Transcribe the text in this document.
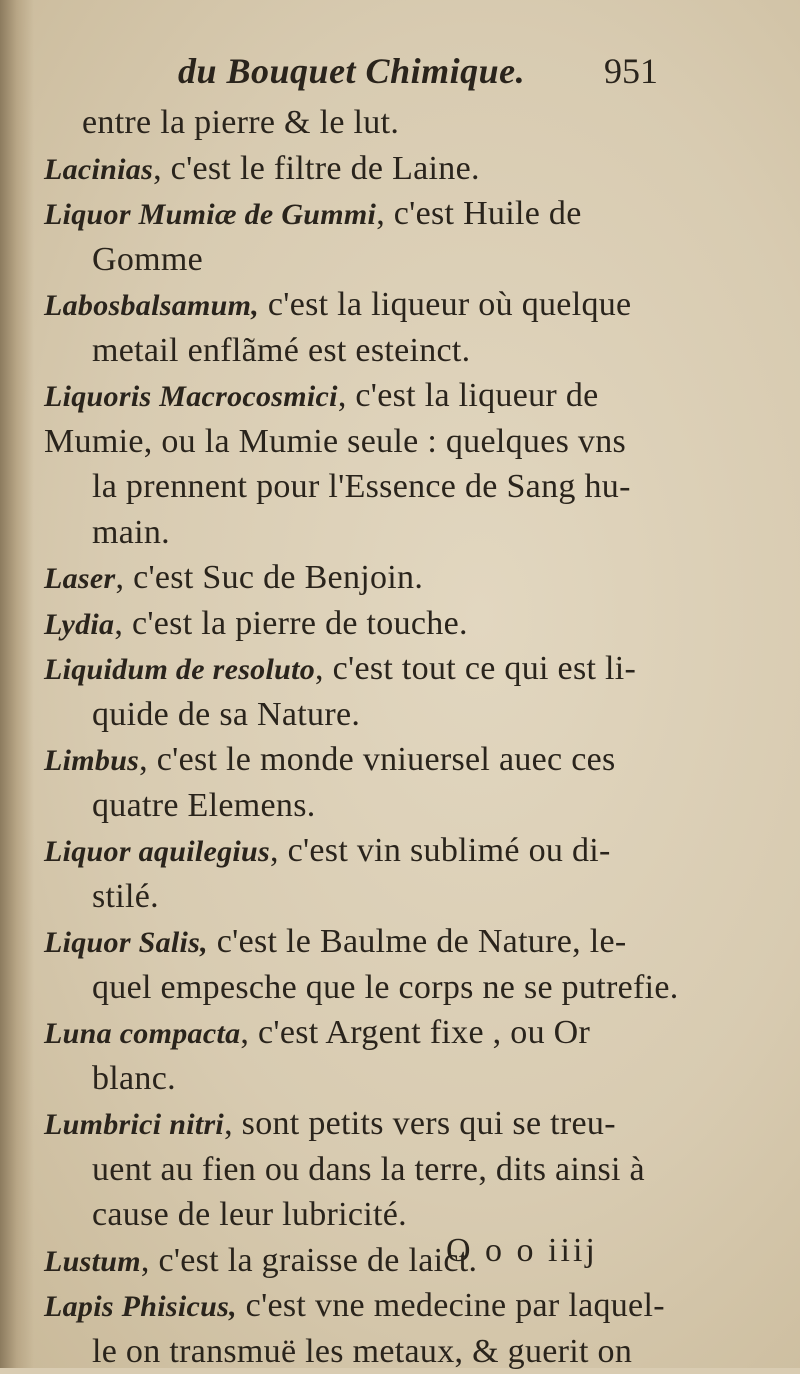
du Bouquet Chimique. 951
entre la pierre & le lut.
Lacinias, c'est le filtre de Laine.
Liquor Mumiæ de Gummi, c'est Huile de
Gomme
Labosbalsamum, c'est la liqueur où quelque
metail enflãmé est esteinct.
Liquoris Macrocosmici, c'est la liqueur de
Mumie, ou la Mumie seule : quelques vns
la prennent pour l'Essence de Sang hu-
main.
Laser, c'est Suc de Benjoin.
Lydia, c'est la pierre de touche.
Liquidum de resoluto, c'est tout ce qui est li-
quide de sa Nature.
Limbus, c'est le monde vniuersel auec ces
quatre Elemens.
Liquor aquilegius, c'est vin sublimé ou di-
stilé.
Liquor Salis, c'est le Baulme de Nature, le-
quel empesche que le corps ne se putrefie.
Luna compacta, c'est Argent fixe , ou Or
blanc.
Lumbrici nitri, sont petits vers qui se treu-
uent au fien ou dans la terre, dits ainsi à
cause de leur lubricité.
Lustum, c'est la graisse de laict.
Lapis Phisicus, c'est vne medecine par laquel-
le on transmuë les metaux, & guerit on
O o o iiij
